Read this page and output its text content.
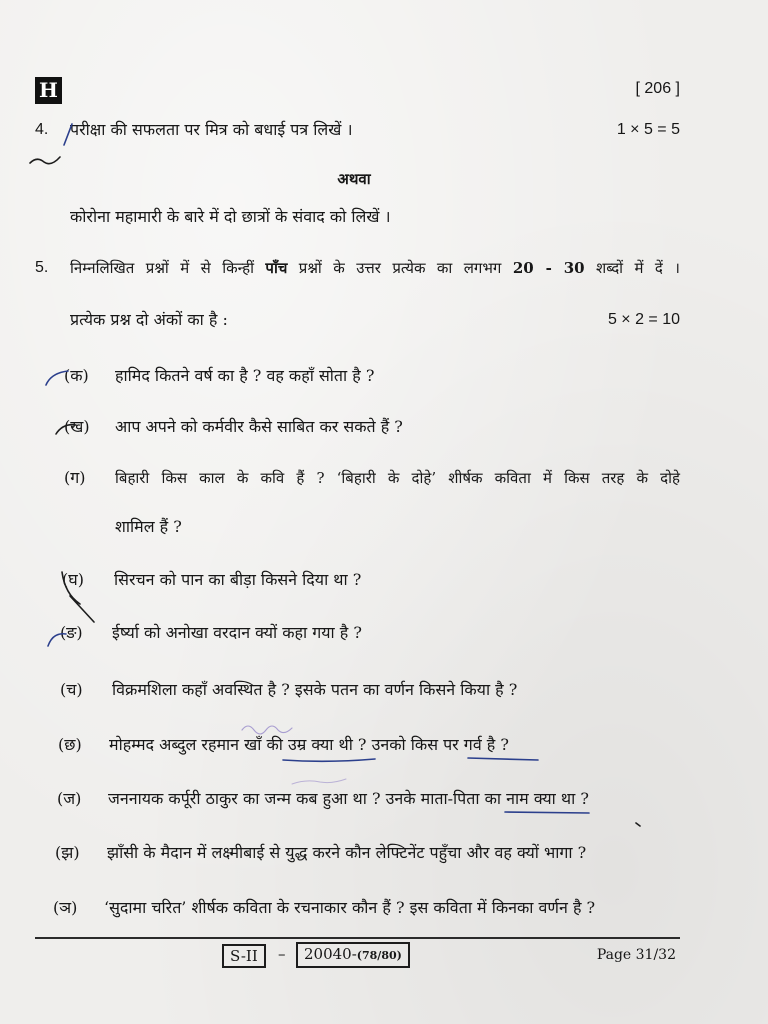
H	[ 206 ]
4. परीक्षा की सफलता पर मित्र को बधाई पत्र लिखें ।	1 × 5 = 5
अथवा
कोरोना महामारी के बारे में दो छात्रों के संवाद को लिखें ।
5. निम्नलिखित प्रश्नों में से किन्हीं पाँच प्रश्नों के उत्तर प्रत्येक का लगभग 20 - 30 शब्दों में दें ।
प्रत्येक प्रश्न दो अंकों का है :	5 × 2 = 10
(क) हामिद कितने वर्ष का है ? वह कहाँ सोता है ?
(ख) आप अपने को कर्मवीर कैसे साबित कर सकते हैं ?
(ग) बिहारी किस काल के कवि हैं ? ‘बिहारी के दोहे’ शीर्षक कविता में किस तरह के दोहे
शामिल हैं ?
(घ) सिरचन को पान का बीड़ा किसने दिया था ?
(ङ) ईर्ष्या को अनोखा वरदान क्यों कहा गया है ?
(च) विक्रमशिला कहाँ अवस्थित है ? इसके पतन का वर्णन किसने किया है ?
(छ) मोहम्मद अब्दुल रहमान खाँ की उम्र क्या थी ? उनको किस पर गर्व है ?
(ज) जननायक कर्पूरी ठाकुर का जन्म कब हुआ था ? उनके माता-पिता का नाम क्या था ?
(झ) झाँसी के मैदान में लक्ष्मीबाई से युद्ध करने कौन लेफ्टिनेंट पहुँचा और वह क्यों भागा ?
(ञ) ‘सुदामा चरित’ शीर्षक कविता के रचनाकार कौन हैं ? इस कविता में किनका वर्णन है ?
S-II	–	20040-(78/80)	Page 31/32
